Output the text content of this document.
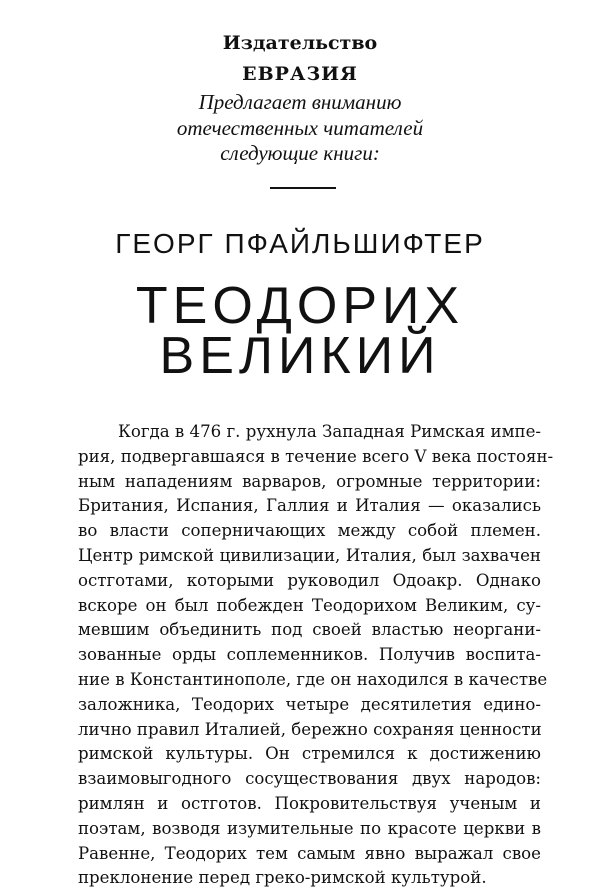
Издательство
ЕВРАЗИЯ
Предлагает вниманию
отечественных читателей
следующие книги:
ГЕОРГ ПФАЙЛЬШИФТЕР
ТЕОДОРИХ
ВЕЛИКИЙ
Когда в 476 г. рухнула Западная Римская импе-
рия, подвергавшаяся в течение всего V века постоян-
ным нападениям варваров, огромные территории:
Британия, Испания, Галлия и Италия — оказались
во власти соперничающих между собой племен.
Центр римской цивилизации, Италия, был захвачен
остготами, которыми руководил Одоакр. Однако
вскоре он был побежден Теодорихом Великим, су-
мевшим объединить под своей властью неоргани-
зованные орды соплеменников. Получив воспита-
ние в Константинополе, где он находился в качестве
заложника, Теодорих четыре десятилетия едино-
лично правил Италией, бережно сохраняя ценности
римской культуры. Он стремился к достижению
взаимовыгодного сосуществования двух народов:
римлян и остготов. Покровительствуя ученым и
поэтам, возводя изумительные по красоте церкви в
Равенне, Теодорих тем самым явно выражал свое
преклонение перед греко-римской культурой.
